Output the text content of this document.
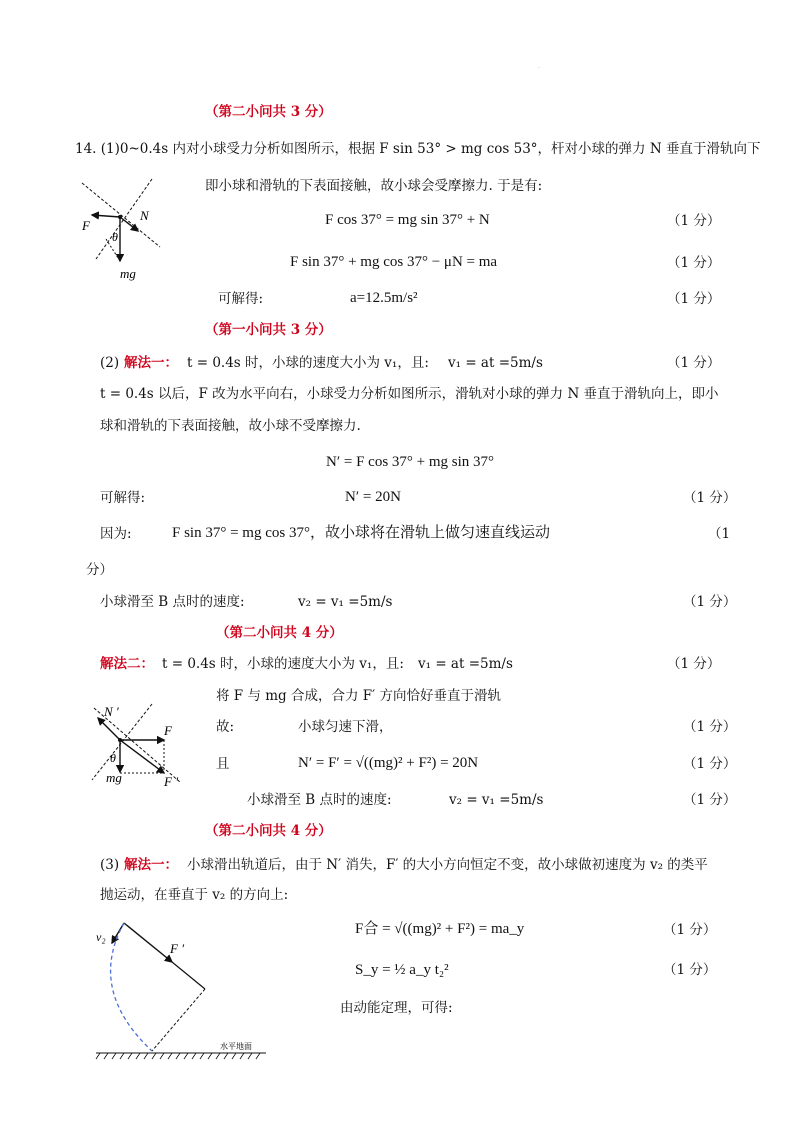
·
（第二小问共 3 分）
14. (1)0~0.4s 内对小球受力分析如图所示，根据 F sin 53° > mg cos 53°，杆对小球的弹力 N 垂直于滑轨向下
F
N
θ
mg
即小球和滑轨的下表面接触，故小球会受摩擦力. 于是有:
F cos 37° = mg sin 37° + N	（1 分）
F sin 37° + mg cos 37° − μN = ma	（1 分）
可解得:	a=12.5m/s²	（1 分）
（第一小问共 3 分）
(2) 解法一： t = 0.4s 时，小球的速度大小为 v₁，且: v₁ = at =5m/s	（1 分）
t = 0.4s 以后，F 改为水平向右，小球受力分析如图所示，滑轨对小球的弹力 N 垂直于滑轨向上，即小
球和滑轨的下表面接触，故小球不受摩擦力.
N′ = F cos 37° + mg sin 37°
可解得:	N′ = 20N	（1 分）
因为:	F sin 37° = mg cos 37°，故小球将在滑轨上做匀速直线运动	（1
分）
小球滑至 B 点时的速度:	v₂ = v₁ =5m/s	（1 分）
（第二小问共 4 分）
解法二： t = 0.4s 时，小球的速度大小为 v₁，且: v₁ = at =5m/s	（1 分）
N ′
F
θ
mg	F ′
将 F 与 mg 合成，合力 F′ 方向恰好垂直于滑轨
故:	小球匀速下滑，	（1 分）
且	N′ = F′ = √((mg)² + F²) = 20N	（1 分）
小球滑至 B 点时的速度:	v₂ = v₁ =5m/s	（1 分）
（第二小问共 4 分）
(3) 解法一： 小球滑出轨道后，由于 N′ 消失，F′ 的大小方向恒定不变，故小球做初速度为 v₂ 的类平
抛运动，在垂直于 v₂ 的方向上:
v₂
F ′
水平地面
F合 = √((mg)² + F²) = ma_y	（1 分）
S_y = ½ a_y t₂²	（1 分）
由动能定理，可得:
